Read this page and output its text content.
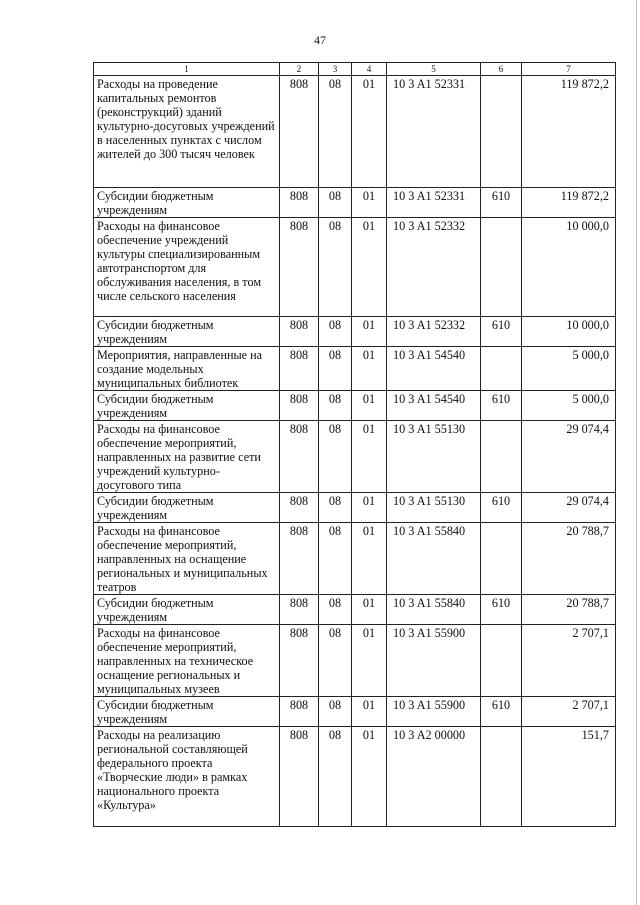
47
1	2	3	4	5	6	7
Расходы на проведение капитальных ремонтов (реконструкций) зданий культурно-досуговых учреждений в населенных пунктах с числом жителей до 300 тысяч человек	808	08	01	10 3 A1 52331		119 872,2
Субсидии бюджетным учреждениям	808	08	01	10 3 A1 52331	610	119 872,2
Расходы на финансовое обеспечение учреждений культуры специализированным автотранспортом для обслуживания населения, в том числе сельского населения	808	08	01	10 3 A1 52332		10 000,0
Субсидии бюджетным учреждениям	808	08	01	10 3 A1 52332	610	10 000,0
Мероприятия, направленные на создание модельных муниципальных библиотек	808	08	01	10 3 A1 54540		5 000,0
Субсидии бюджетным учреждениям	808	08	01	10 3 A1 54540	610	5 000,0
Расходы на финансовое обеспечение мероприятий, направленных на развитие сети учреждений культурно-досугового типа	808	08	01	10 3 A1 55130		29 074,4
Субсидии бюджетным учреждениям	808	08	01	10 3 A1 55130	610	29 074,4
Расходы на финансовое обеспечение мероприятий, направленных на оснащение региональных и муниципальных театров	808	08	01	10 3 A1 55840		20 788,7
Субсидии бюджетным учреждениям	808	08	01	10 3 A1 55840	610	20 788,7
Расходы на финансовое обеспечение мероприятий, направленных на техническое оснащение региональных и муниципальных музеев	808	08	01	10 3 A1 55900		2 707,1
Субсидии бюджетным учреждениям	808	08	01	10 3 A1 55900	610	2 707,1
Расходы на реализацию региональной составляющей федерального проекта «Творческие люди» в рамках национального проекта «Культура»	808	08	01	10 3 A2 00000		151,7
